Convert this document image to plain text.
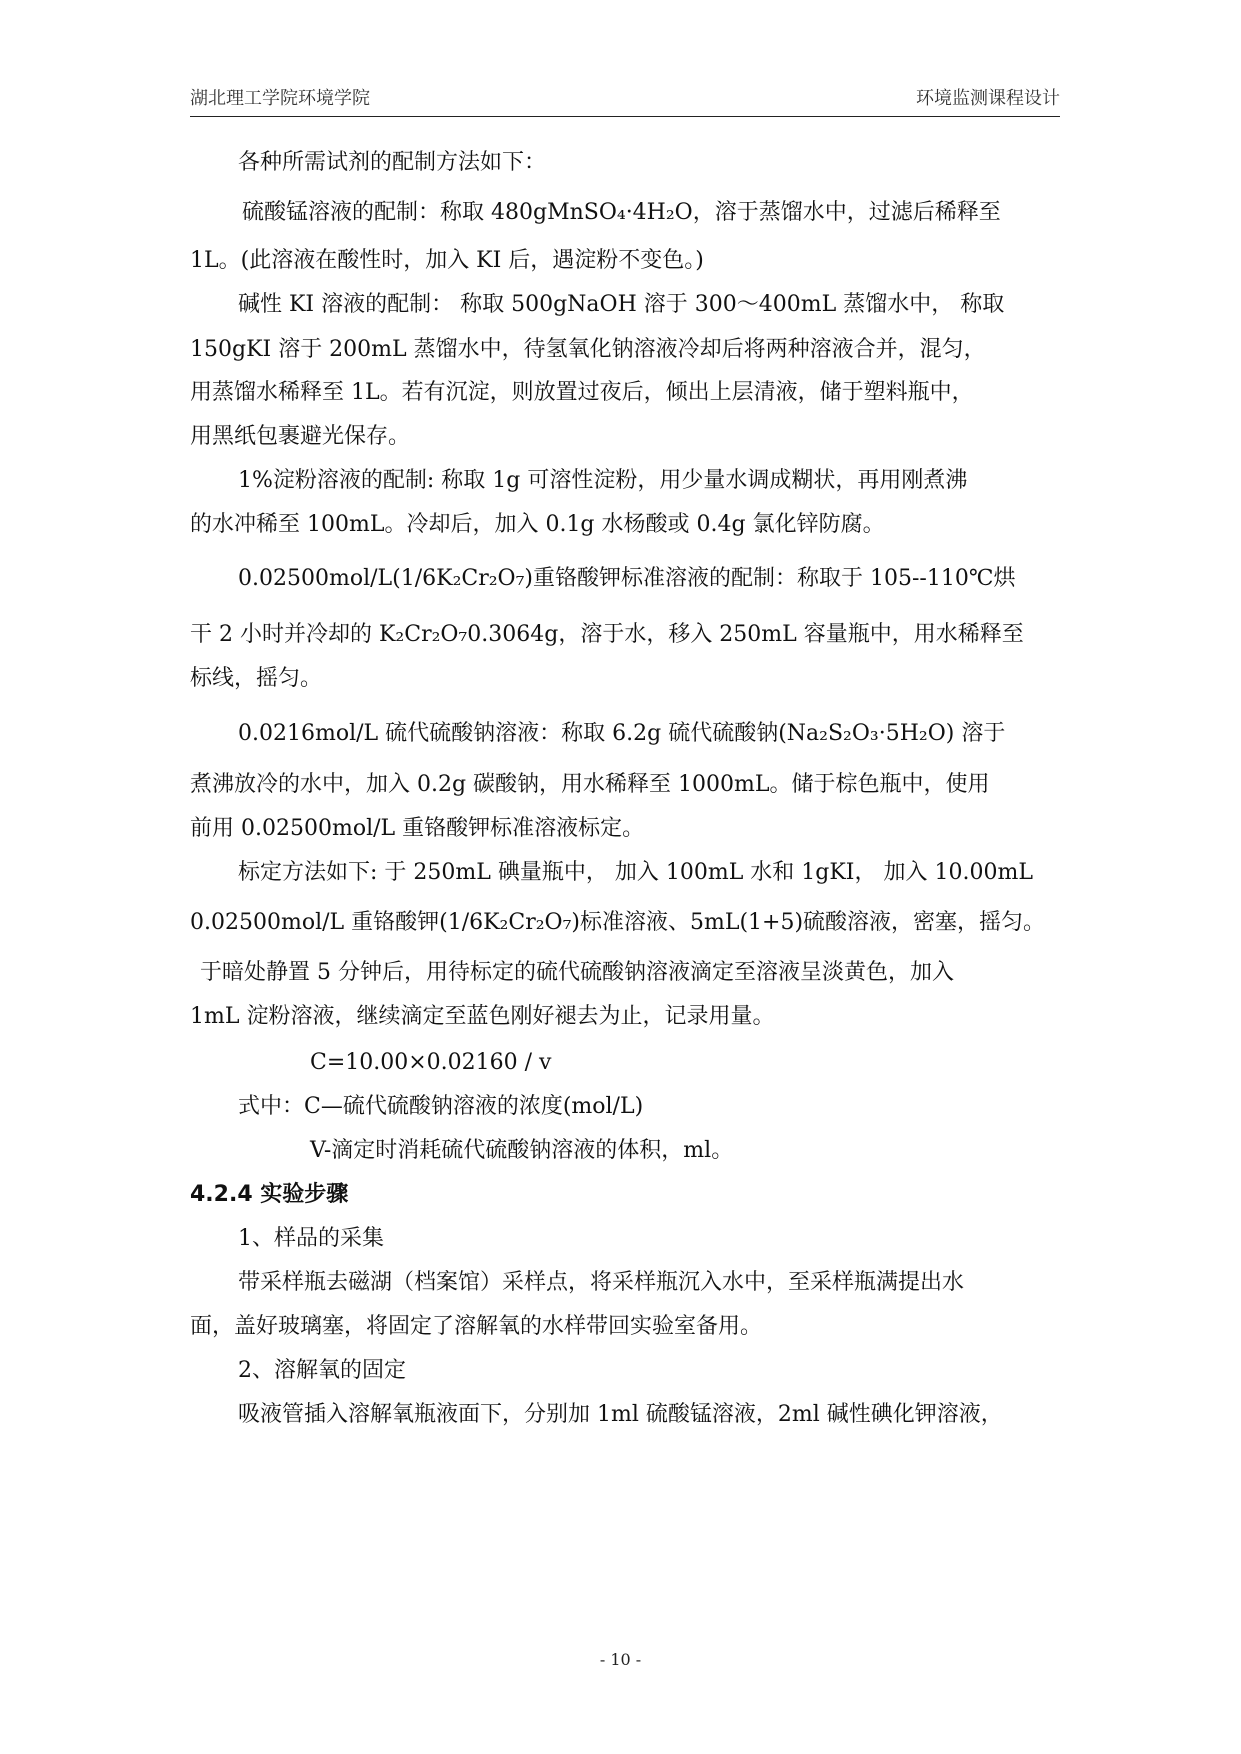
湖北理工学院环境学院	环境监测课程设计
各种所需试剂的配制方法如下：
硫酸锰溶液的配制：称取 480gMnSO₄·4H₂O，溶于蒸馏水中，过滤后稀释至
1L。(此溶液在酸性时，加入 KI 后，遇淀粉不变色。)
碱性 KI 溶液的配制： 称取 500gNaOH 溶于 300～400mL 蒸馏水中， 称取
150gKI 溶于 200mL 蒸馏水中，待氢氧化钠溶液冷却后将两种溶液合并，混匀，
用蒸馏水稀释至 1L。若有沉淀，则放置过夜后，倾出上层清液，储于塑料瓶中，
用黑纸包裹避光保存。
1%淀粉溶液的配制: 称取 1g 可溶性淀粉，用少量水调成糊状，再用刚煮沸
的水冲稀至 100mL。冷却后，加入 0.1g 水杨酸或 0.4g 氯化锌防腐。
0.02500mol/L(1/6K₂Cr₂O₇)重铬酸钾标准溶液的配制：称取于 105--110℃烘
干 2 小时并冷却的 K₂Cr₂O₇0.3064g，溶于水，移入 250mL 容量瓶中，用水稀释至
标线，摇匀。
0.0216mol/L 硫代硫酸钠溶液：称取 6.2g 硫代硫酸钠(Na₂S₂O₃·5H₂O) 溶于
煮沸放冷的水中，加入 0.2g 碳酸钠，用水稀释至 1000mL。储于棕色瓶中，使用
前用 0.02500mol/L 重铬酸钾标准溶液标定。
标定方法如下: 于 250mL 碘量瓶中， 加入 100mL 水和 1gKI， 加入 10.00mL
0.02500mol/L 重铬酸钾(1/6K₂Cr₂O₇)标准溶液、5mL(1+5)硫酸溶液，密塞，摇匀。
于暗处静置 5 分钟后，用待标定的硫代硫酸钠溶液滴定至溶液呈淡黄色，加入
1mL 淀粉溶液，继续滴定至蓝色刚好褪去为止，记录用量。
C=10.00×0.02160 / v
式中：C—硫代硫酸钠溶液的浓度(mol/L)
V-滴定时消耗硫代硫酸钠溶液的体积，ml。
4.2.4 实验步骤
1、样品的采集
带采样瓶去磁湖（档案馆）采样点，将采样瓶沉入水中，至采样瓶满提出水
面，盖好玻璃塞，将固定了溶解氧的水样带回实验室备用。
2、溶解氧的固定
吸液管插入溶解氧瓶液面下，分别加 1ml 硫酸锰溶液，2ml 碱性碘化钾溶液，
- 10 -
